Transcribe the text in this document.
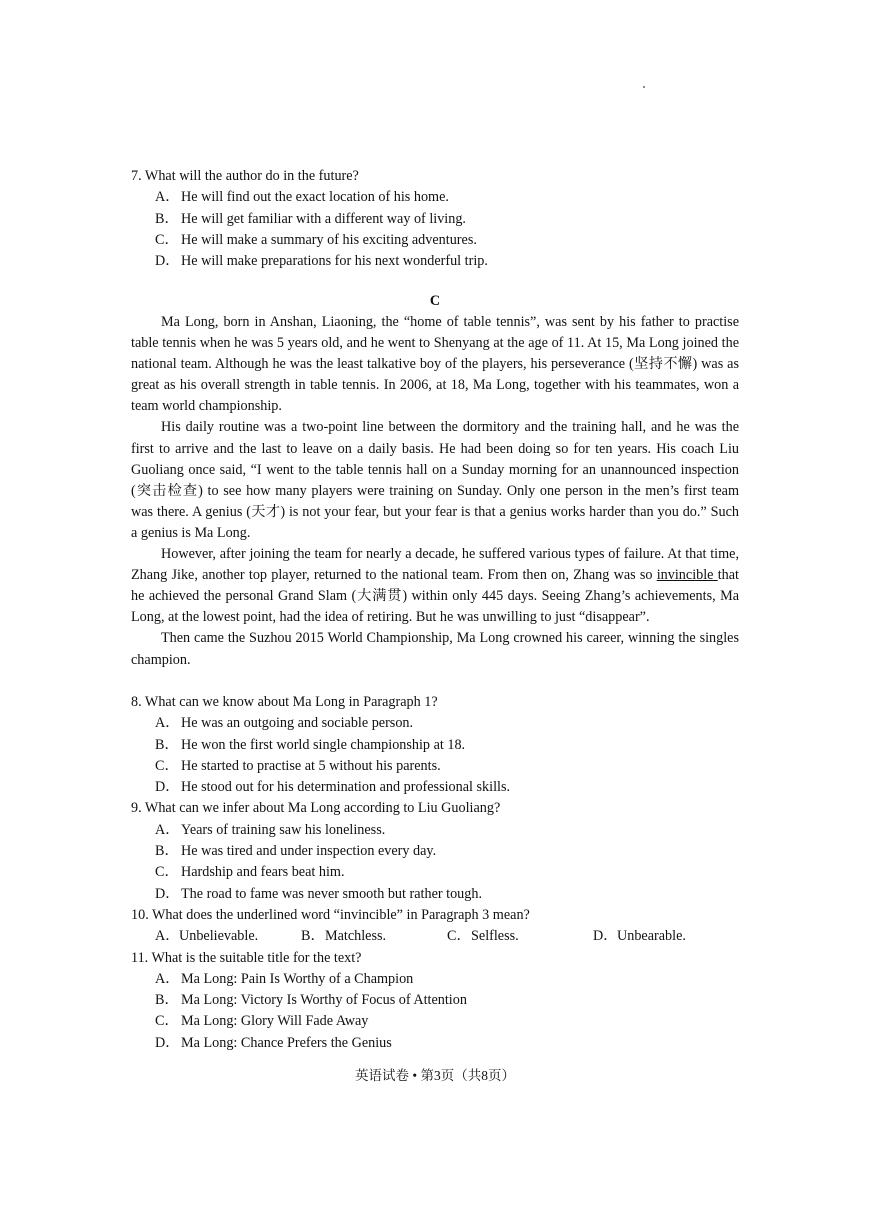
7. What will the author do in the future?

A． He will find out the exact location of his home.

B． He will get familiar with a different way of living.

C． He will make a summary of his exciting adventures.

D． He will make preparations for his next wonderful trip.

C

Ma Long, born in Anshan, Liaoning, the “home of table tennis”, was sent by his father to practise table tennis when he was 5 years old, and he went to Shenyang at the age of 11. At 15, Ma Long joined the national team. Although he was the least talkative boy of the players, his perseverance (坚持不懈) was as great as his overall strength in table tennis. In 2006, at 18, Ma Long, together with his teammates, won a team world championship.

His daily routine was a two-point line between the dormitory and the training hall, and he was the first to arrive and the last to leave on a daily basis. He had been doing so for ten years. His coach Liu Guoliang once said, “I went to the table tennis hall on a Sunday morning for an unannounced inspection (突击检查) to see how many players were training on Sunday. Only one person in the men’s first team was there. A genius (天才) is not your fear, but your fear is that a genius works harder than you do.” Such a genius is Ma Long.

However, after joining the team for nearly a decade, he suffered various types of failure. At that time, Zhang Jike, another top player, returned to the national team. From then on, Zhang was so invincible that he achieved the personal Grand Slam (大满贯) within only 445 days. Seeing Zhang’s achievements, Ma Long, at the lowest point, had the idea of retiring. But he was unwilling to just “disappear”.

Then came the Suzhou 2015 World Championship, Ma Long crowned his career, winning the singles champion.

8. What can we know about Ma Long in Paragraph 1?

A． He was an outgoing and sociable person.

B． He won the first world single championship at 18.

C． He started to practise at 5 without his parents.

D． He stood out for his determination and professional skills.

9. What can we infer about Ma Long according to Liu Guoliang?

A． Years of training saw his loneliness.

B． He was tired and under inspection every day.

C． Hardship and fears beat him.

D． The road to fame was never smooth but rather tough.

10. What does the underlined word “invincible” in Paragraph 3 mean?

A．Unbelievable.	B．Matchless.	C．Selfless.	D．Unbearable.

11. What is the suitable title for the text?

A． Ma Long: Pain Is Worthy of a Champion

B． Ma Long: Victory Is Worthy of Focus of Attention

C． Ma Long: Glory Will Fade Away

D． Ma Long: Chance Prefers the Genius

英语试卷 • 第3页（共8页）
